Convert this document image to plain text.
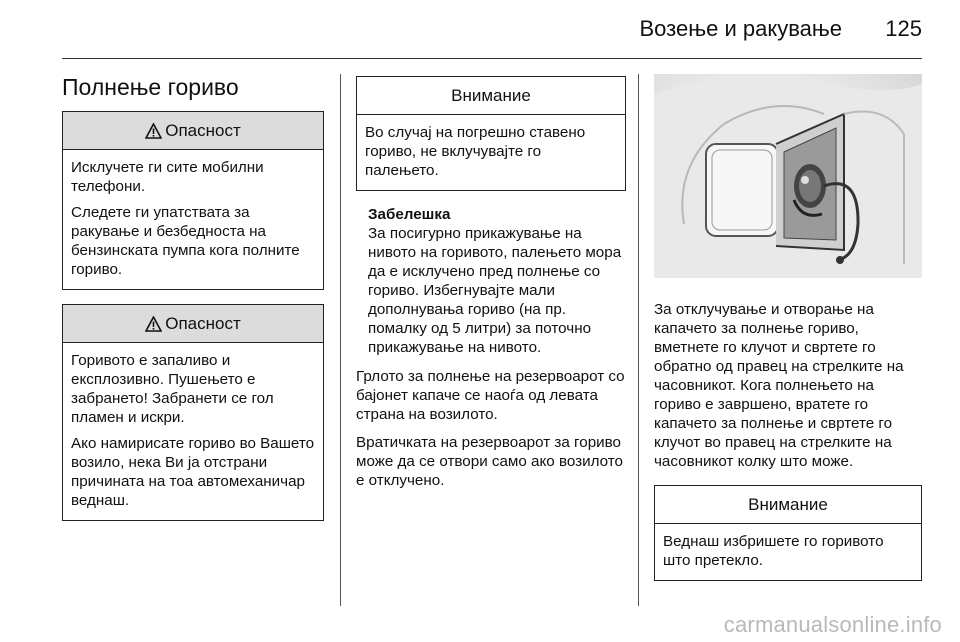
Возење и ракување 125
Полнење гориво
Опасност

Исклучете ги сите мобилни телефони.

Следете ги упатствата за ракување и безбедноста на бензинската пумпа кога полните гориво.

Опасност

Горивото е запаливо и експлозивно. Пушењето е забрането! Забранети се гол пламен и искри.

Ако намирисате гориво во Вашето возило, нека Ви ја отстрани причината на тоа автомеханичар веднаш.

Внимание
Во случај на погрешно ставено гориво, не вклучувајте го палењето.
Забелешка
За посигурно прикажување на нивото на горивото, палењето мора да е исклучено пред полнење со гориво. Избегнувајте мали дополнувања гориво (на пр. помалку од 5 литри) за поточно прикажување на нивото.

Грлото за полнење на резервоарот со бајонет капаче се наоѓа од левата страна на возилото.

Вратичката на резервоарот за гориво може да се отвори само ако возилото е отклучено.

За отклучување и отворање на капачето за полнење гориво, вметнете го клучот и свртете го обратно од правец на стрелките на часовникот. Кога полнењето на гориво е завршено, вратете го капачето за полнење и свртете го клучот во правец на стрелките на часовникот колку што може.

Внимание
Веднаш избришете го горивото што претекло.
carmanualsonline.info
